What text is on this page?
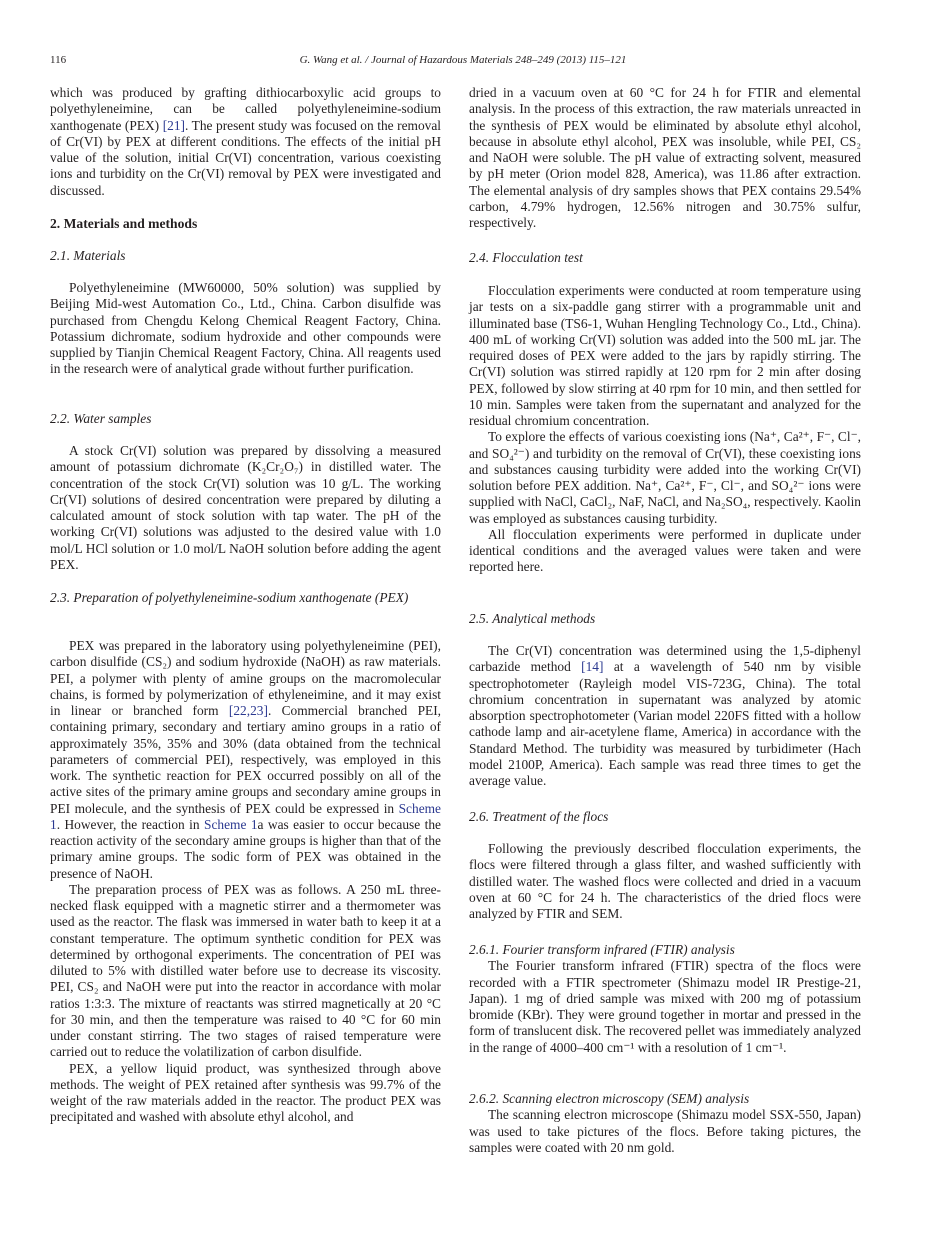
116	G. Wang et al. / Journal of Hazardous Materials 248–249 (2013) 115–121

which was produced by grafting dithiocarboxylic acid groups to polyethyleneimine, can be called polyethyleneimine-sodium xanthogenate (PEX) [21]. The present study was focused on the removal of Cr(VI) by PEX at different conditions. The effects of the initial pH value of the solution, initial Cr(VI) concentration, various coexisting ions and turbidity on the Cr(VI) removal by PEX were investigated and discussed.

2. Materials and methods
2.1. Materials

Polyethyleneimine (MW60000, 50% solution) was supplied by Beijing Mid-west Automation Co., Ltd., China. Carbon disulfide was purchased from Chengdu Kelong Chemical Reagent Factory, China. Potassium dichromate, sodium hydroxide and other compounds were supplied by Tianjin Chemical Reagent Factory, China. All reagents used in the research were of analytical grade without further purification.

2.2. Water samples

A stock Cr(VI) solution was prepared by dissolving a measured amount of potassium dichromate (K₂Cr₂O₇) in distilled water. The concentration of the stock Cr(VI) solution was 10 g/L. The working Cr(VI) solutions of desired concentration were prepared by diluting a calculated amount of stock solution with tap water. The pH of the working Cr(VI) solutions was adjusted to the desired value with 1.0 mol/L HCl solution or 1.0 mol/L NaOH solution before adding the agent PEX.

2.3. Preparation of polyethyleneimine-sodium xanthogenate (PEX)

PEX was prepared in the laboratory using polyethyleneimine (PEI), carbon disulfide (CS₂) and sodium hydroxide (NaOH) as raw materials. PEI, a polymer with plenty of amine groups on the macromolecular chains, is formed by polymerization of ethyleneimine, and it may exist in linear or branched form [22,23]. Commercial branched PEI, containing primary, secondary and tertiary amino groups in a ratio of approximately 35%, 35% and 30% (data obtained from the technical parameters of commercial PEI), respectively, was employed in this work. The synthetic reaction for PEX occurred possibly on all of the active sites of the primary amine groups and secondary amine groups in PEI molecule, and the synthesis of PEX could be expressed in Scheme 1. However, the reaction in Scheme 1a was easier to occur because the reaction activity of the secondary amine groups is higher than that of the primary amine groups. The sodic form of PEX was obtained in the presence of NaOH.

The preparation process of PEX was as follows. A 250 mL three-necked flask equipped with a magnetic stirrer and a thermometer was used as the reactor. The flask was immersed in water bath to keep it at a constant temperature. The optimum synthetic condition for PEX was determined by orthogonal experiments. The concentration of PEI was diluted to 5% with distilled water before use to decrease its viscosity. PEI, CS₂ and NaOH were put into the reactor in accordance with molar ratios 1:3:3. The mixture of reactants was stirred magnetically at 20 °C for 30 min, and then the temperature was raised to 40 °C for 60 min under constant stirring. The two stages of raised temperature were carried out to reduce the volatilization of carbon disulfide.

PEX, a yellow liquid product, was synthesized through above methods. The weight of PEX retained after synthesis was 99.7% of the weight of the raw materials added in the reactor. The product PEX was precipitated and washed with absolute ethyl alcohol, and

dried in a vacuum oven at 60 °C for 24 h for FTIR and elemental analysis. In the process of this extraction, the raw materials unreacted in the synthesis of PEX would be eliminated by absolute ethyl alcohol, because in absolute ethyl alcohol, PEX was insoluble, while PEI, CS₂ and NaOH were soluble. The pH value of extracting solvent, measured by pH meter (Orion model 828, America), was 11.86 after extraction. The elemental analysis of dry samples shows that PEX contains 29.54% carbon, 4.79% hydrogen, 12.56% nitrogen and 30.75% sulfur, respectively.

2.4. Flocculation test

Flocculation experiments were conducted at room temperature using jar tests on a six-paddle gang stirrer with a programmable unit and illuminated base (TS6-1, Wuhan Hengling Technology Co., Ltd., China). 400 mL of working Cr(VI) solution was added into the 500 mL jar. The required doses of PEX were added to the jars by rapidly stirring. The Cr(VI) solution was stirred rapidly at 120 rpm for 2 min after dosing PEX, followed by slow stirring at 40 rpm for 10 min, and then settled for 10 min. Samples were taken from the supernatant and analyzed for the residual chromium concentration.

To explore the effects of various coexisting ions (Na⁺, Ca²⁺, F⁻, Cl⁻, and SO₄²⁻) and turbidity on the removal of Cr(VI), these coexisting ions and substances causing turbidity were added into the working Cr(VI) solution before PEX addition. Na⁺, Ca²⁺, F⁻, Cl⁻, and SO₄²⁻ ions were supplied with NaCl, CaCl₂, NaF, NaCl, and Na₂SO₄, respectively. Kaolin was employed as substances causing turbidity.

All flocculation experiments were performed in duplicate under identical conditions and the averaged values were taken and were reported here.

2.5. Analytical methods

The Cr(VI) concentration was determined using the 1,5-diphenyl carbazide method [14] at a wavelength of 540 nm by visible spectrophotometer (Rayleigh model VIS-723G, China). The total chromium concentration in supernatant was analyzed by atomic absorption spectrophotometer (Varian model 220FS fitted with a hollow cathode lamp and air-acetylene flame, America) in accordance with the Standard Method. The turbidity was measured by turbidimeter (Hach model 2100P, America). Each sample was read three times to get the average value.

2.6. Treatment of the flocs

Following the previously described flocculation experiments, the flocs were filtered through a glass filter, and washed sufficiently with distilled water. The washed flocs were collected and dried in a vacuum oven at 60 °C for 24 h. The characteristics of the dried flocs were analyzed by FTIR and SEM.

2.6.1. Fourier transform infrared (FTIR) analysis

The Fourier transform infrared (FTIR) spectra of the flocs were recorded with a FTIR spectrometer (Shimazu model IR Prestige-21, Japan). 1 mg of dried sample was mixed with 200 mg of potassium bromide (KBr). They were ground together in mortar and pressed in the form of translucent disk. The recovered pellet was immediately analyzed in the range of 4000–400 cm⁻¹ with a resolution of 1 cm⁻¹.

2.6.2. Scanning electron microscopy (SEM) analysis

The scanning electron microscope (Shimazu model SSX-550, Japan) was used to take pictures of the flocs. Before taking pictures, the samples were coated with 20 nm gold.
